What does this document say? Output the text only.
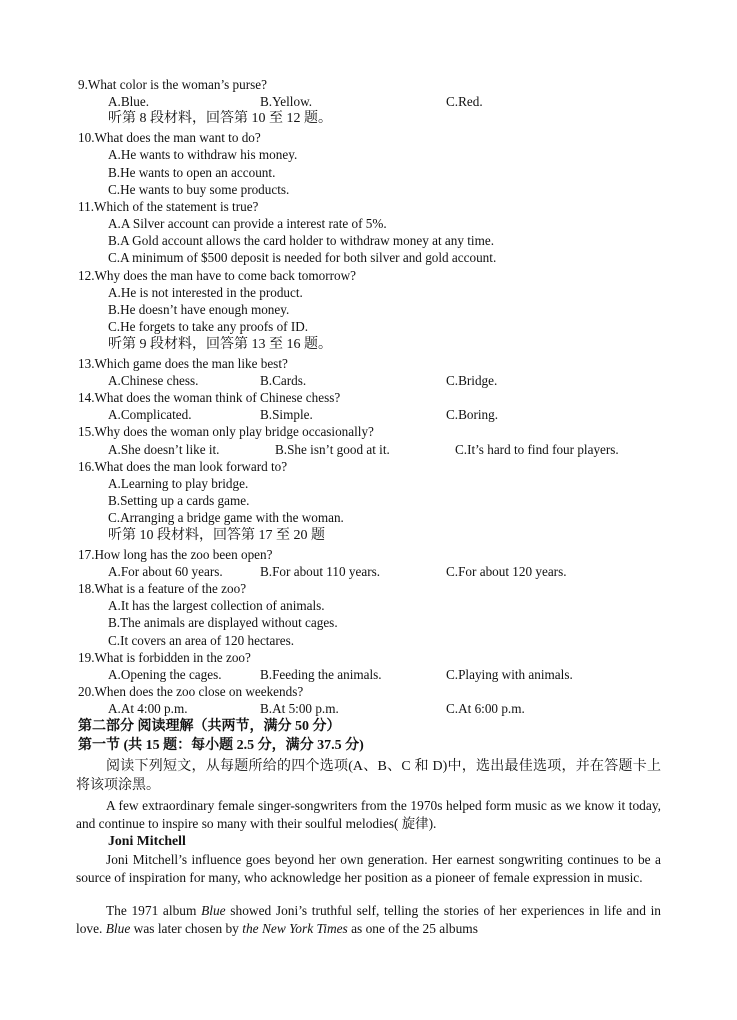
9.What color is the woman’s purse?
A.Blue.	B.Yellow.	C.Red.
听第 8 段材料，回答第 10 至 12 题。
10.What does the man want to do?
A.He wants to withdraw his money.
B.He wants to open an account.
C.He wants to buy some products.
11.Which of the statement is true?
A.A Silver account can provide a interest rate of 5%.
B.A Gold account allows the card holder to withdraw money at any time.
C.A minimum of $500 deposit is needed for both silver and gold account.
12.Why does the man have to come back tomorrow?
A.He is not interested in the product.
B.He doesn’t have enough money.
C.He forgets to take any proofs of ID.
听第 9 段材料，回答第 13 至 16 题。
13.Which game does the man like best?
A.Chinese chess.	B.Cards.	C.Bridge.
14.What does the woman think of Chinese chess?
A.Complicated.	B.Simple.	C.Boring.
15.Why does the woman only play bridge occasionally?
A.She doesn’t like it.	B.She isn’t good at it.	C.It’s hard to find four players.
16.What does the man look forward to?
A.Learning to play bridge.
B.Setting up a cards game.
C.Arranging a bridge game with the woman.
听第 10 段材料，回答第 17 至 20 题
17.How long has the zoo been open?
A.For about 60 years.	B.For about 110 years.	C.For about 120 years.
18.What is a feature of the zoo?
A.It has the largest collection of animals.
B.The animals are displayed without cages.
C.It covers an area of 120 hectares.
19.What is forbidden in the zoo?
A.Opening the cages.	B.Feeding the animals.	C.Playing with animals.
20.When does the zoo close on weekends?
A.At 4:00 p.m.	B.At 5:00 p.m.	C.At 6:00 p.m.
第二部分 阅读理解（共两节，满分 50 分）
第一节 (共 15 题：每小题 2.5 分，满分 37.5 分)
阅读下列短文，从每题所给的四个选项(A、B、C 和 D)中，选出最佳选项，并在答题卡上将该项涂黑。
A few extraordinary female singer-songwriters from the 1970s helped form music as we know it today, and continue to inspire so many with their soulful melodies( 旋律).
Joni Mitchell
Joni Mitchell’s influence goes beyond her own generation. Her earnest songwriting continues to be a source of inspiration for many, who acknowledge her position as a pioneer of female expression in music.
The 1971 album Blue showed Joni’s truthful self, telling the stories of her experiences in life and in love. Blue was later chosen by the New York Times as one of the 25 albums
